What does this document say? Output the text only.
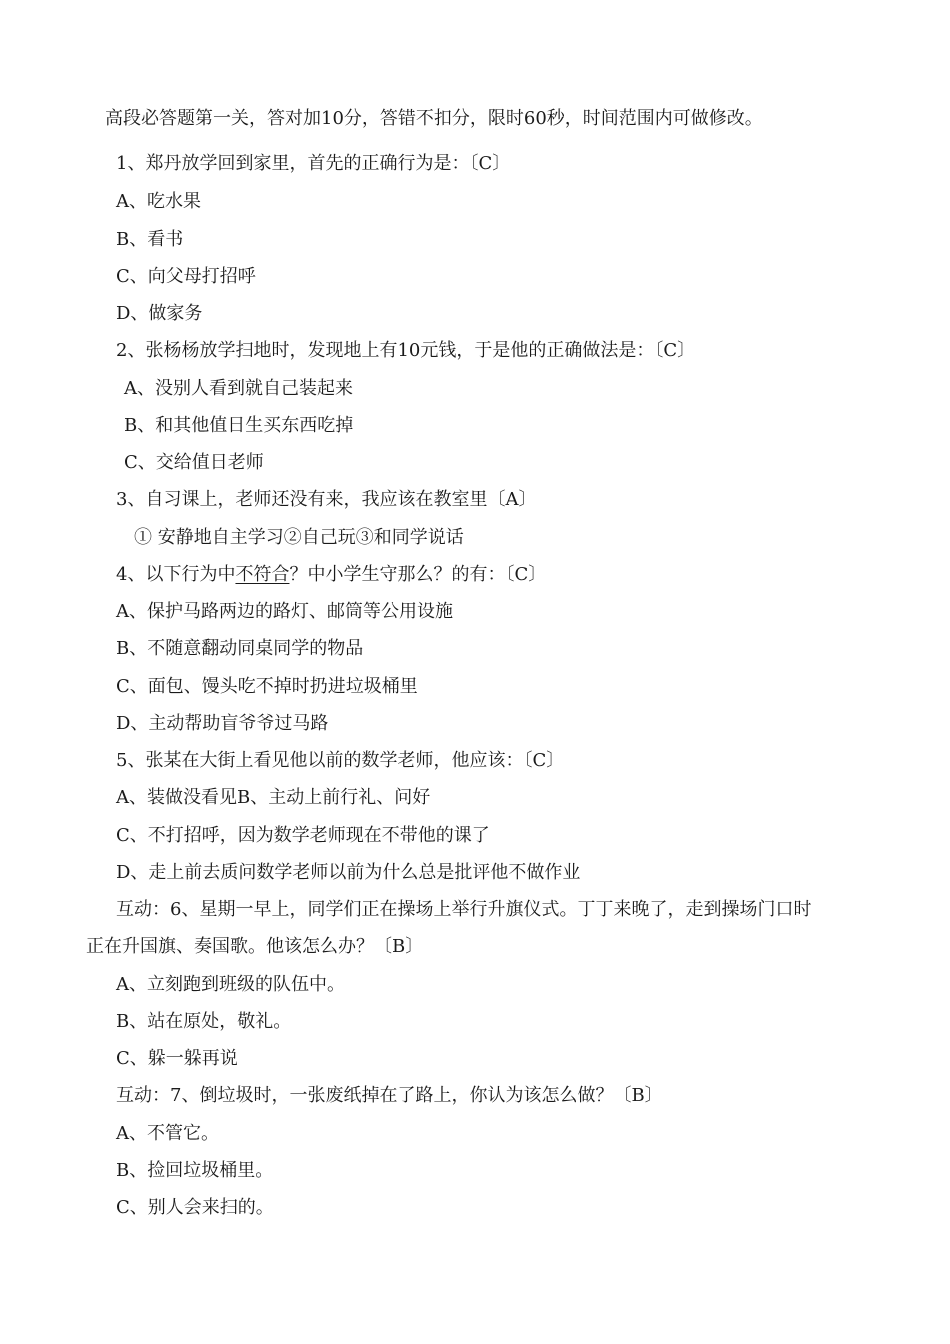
高段必答题第一关，答对加10分，答错不扣分，限时60秒，时间范围内可做修改。
1、郑丹放学回到家里，首先的正确行为是：〔C〕
A、吃水果
B、看书
C、向父母打招呼
D、做家务
2、张杨杨放学扫地时，发现地上有10元钱，于是他的正确做法是：〔C〕
A、没别人看到就自己装起来
B、和其他值日生买东西吃掉
C、交给值日老师
3、自习课上，老师还没有来，我应该在教室里〔A〕
① 安静地自主学习②自己玩③和同学说话
4、以下行为中不符合？中小学生守那么？的有：〔C〕
A、保护马路两边的路灯、邮筒等公用设施
B、不随意翻动同桌同学的物品
C、面包、馒头吃不掉时扔进垃圾桶里
D、主动帮助盲爷爷过马路
5、张某在大街上看见他以前的数学老师，他应该：〔C〕
A、装做没看见B、主动上前行礼、问好
C、不打招呼，因为数学老师现在不带他的课了
D、走上前去质问数学老师以前为什么总是批评他不做作业
互动：6、星期一早上，同学们正在操场上举行升旗仪式。丁丁来晚了，走到操场门口时
正在升国旗、奏国歌。他该怎么办？〔B〕
A、立刻跑到班级的队伍中。
B、站在原处，敬礼。
C、躲一躲再说
互动：7、倒垃圾时，一张废纸掉在了路上，你认为该怎么做？〔B〕
A、不管它。
B、捡回垃圾桶里。
C、别人会来扫的。
